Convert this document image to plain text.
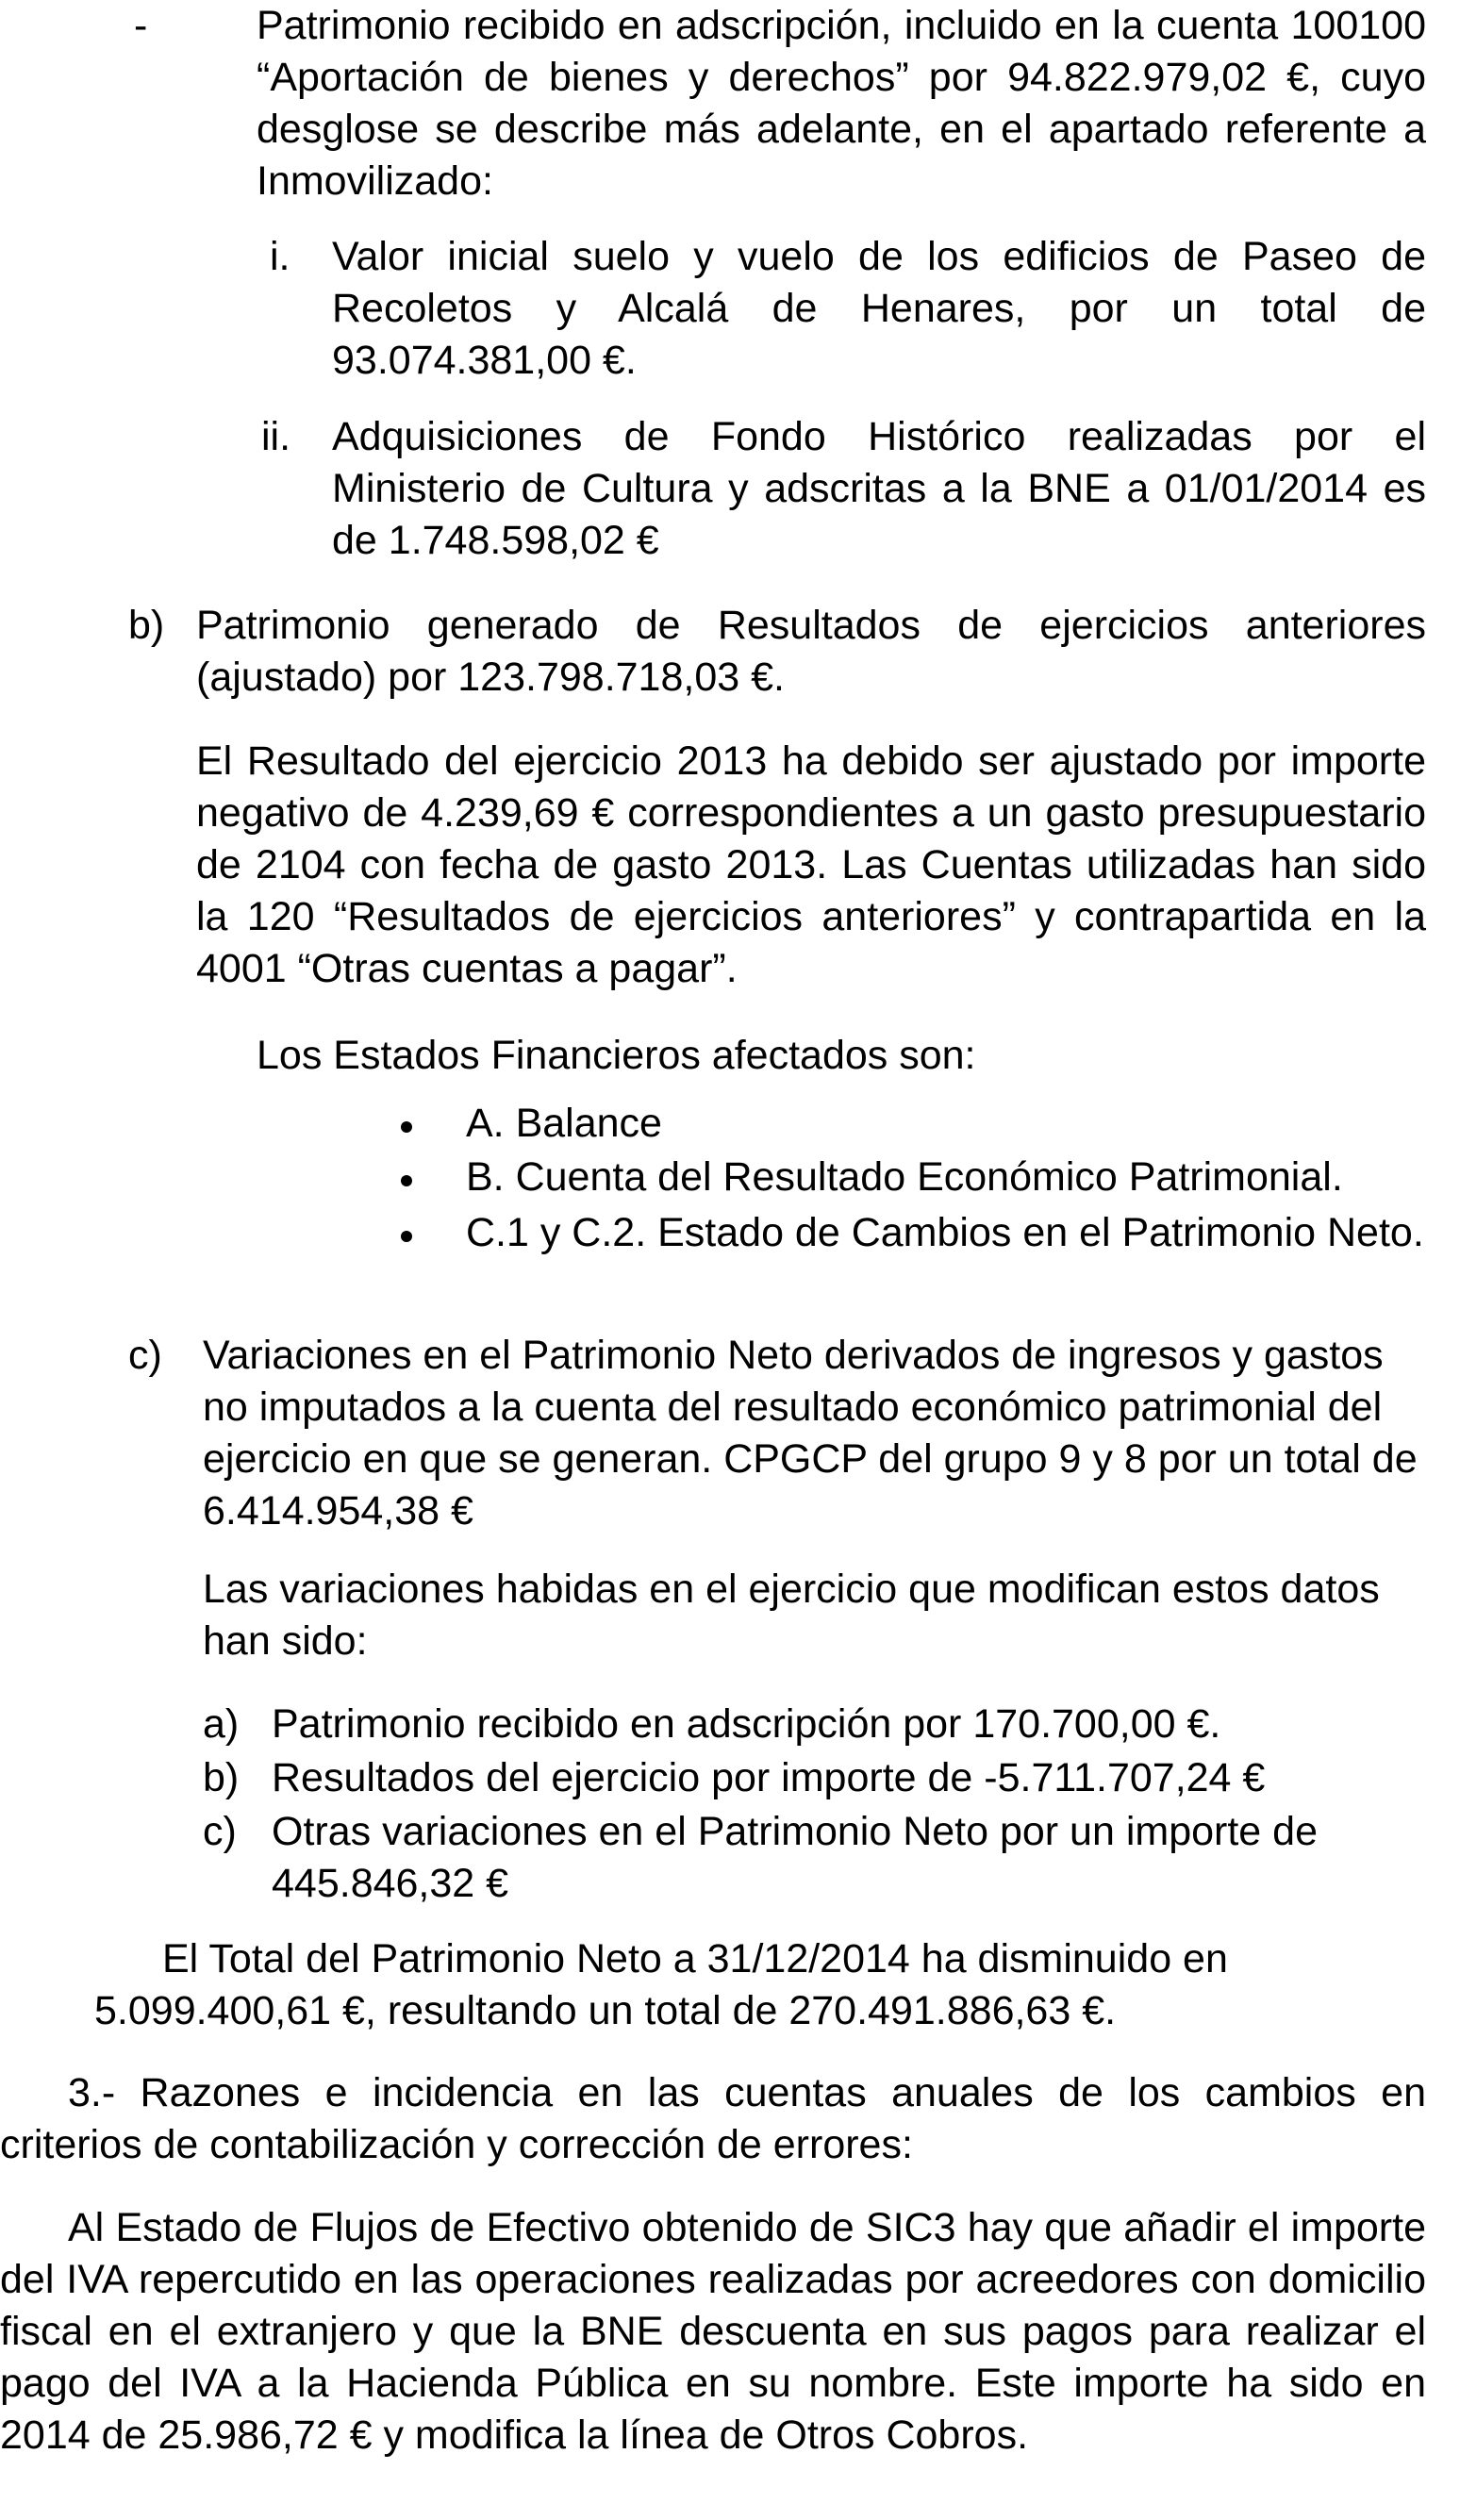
-	Patrimonio recibido en adscripción, incluido en la cuenta 100100 “Aportación de bienes y derechos” por 94.822.979,02 €, cuyo desglose se describe más adelante, en el apartado referente a Inmovilizado:
i. Valor inicial suelo y vuelo de los edificios de Paseo de Recoletos y Alcalá de Henares, por un total de 93.074.381,00 €.
ii. Adquisiciones de Fondo Histórico realizadas por el Ministerio de Cultura y adscritas a la BNE a 01/01/2014 es de 1.748.598,02 €
b) Patrimonio generado de Resultados de ejercicios anteriores (ajustado) por 123.798.718,03 €.
El Resultado del ejercicio 2013 ha debido ser ajustado por importe negativo de 4.239,69 € correspondientes a un gasto presupuestario de 2104 con fecha de gasto 2013. Las Cuentas utilizadas han sido la 120 “Resultados de ejercicios anteriores” y contrapartida en la 4001 “Otras cuentas a pagar”.
Los Estados Financieros afectados son:
A. Balance
B. Cuenta del Resultado Económico Patrimonial.
C.1 y C.2. Estado de Cambios en el Patrimonio Neto.
c) Variaciones en el Patrimonio Neto derivados de ingresos y gastos no imputados a la cuenta del resultado económico patrimonial del ejercicio en que se generan. CPGCP del grupo 9 y 8 por un total de 6.414.954,38 €
Las variaciones habidas en el ejercicio que modifican estos datos han sido:
a) Patrimonio recibido en adscripción por 170.700,00 €.
b) Resultados del ejercicio por importe de -5.711.707,24 €
c) Otras variaciones en el Patrimonio Neto por un importe de 445.846,32 €
El Total del Patrimonio Neto a 31/12/2014 ha disminuido en 5.099.400,61 €, resultando un total de 270.491.886,63 €.
3.- Razones e incidencia en las cuentas anuales de los cambios en criterios de contabilización y corrección de errores:
Al Estado de Flujos de Efectivo obtenido de SIC3 hay que añadir el importe del IVA repercutido en las operaciones realizadas por acreedores con domicilio fiscal en el extranjero y que la BNE descuenta en sus pagos para realizar el pago del IVA a la Hacienda Pública en su nombre. Este importe ha sido en 2014 de 25.986,72 € y modifica la línea de Otros Cobros.
